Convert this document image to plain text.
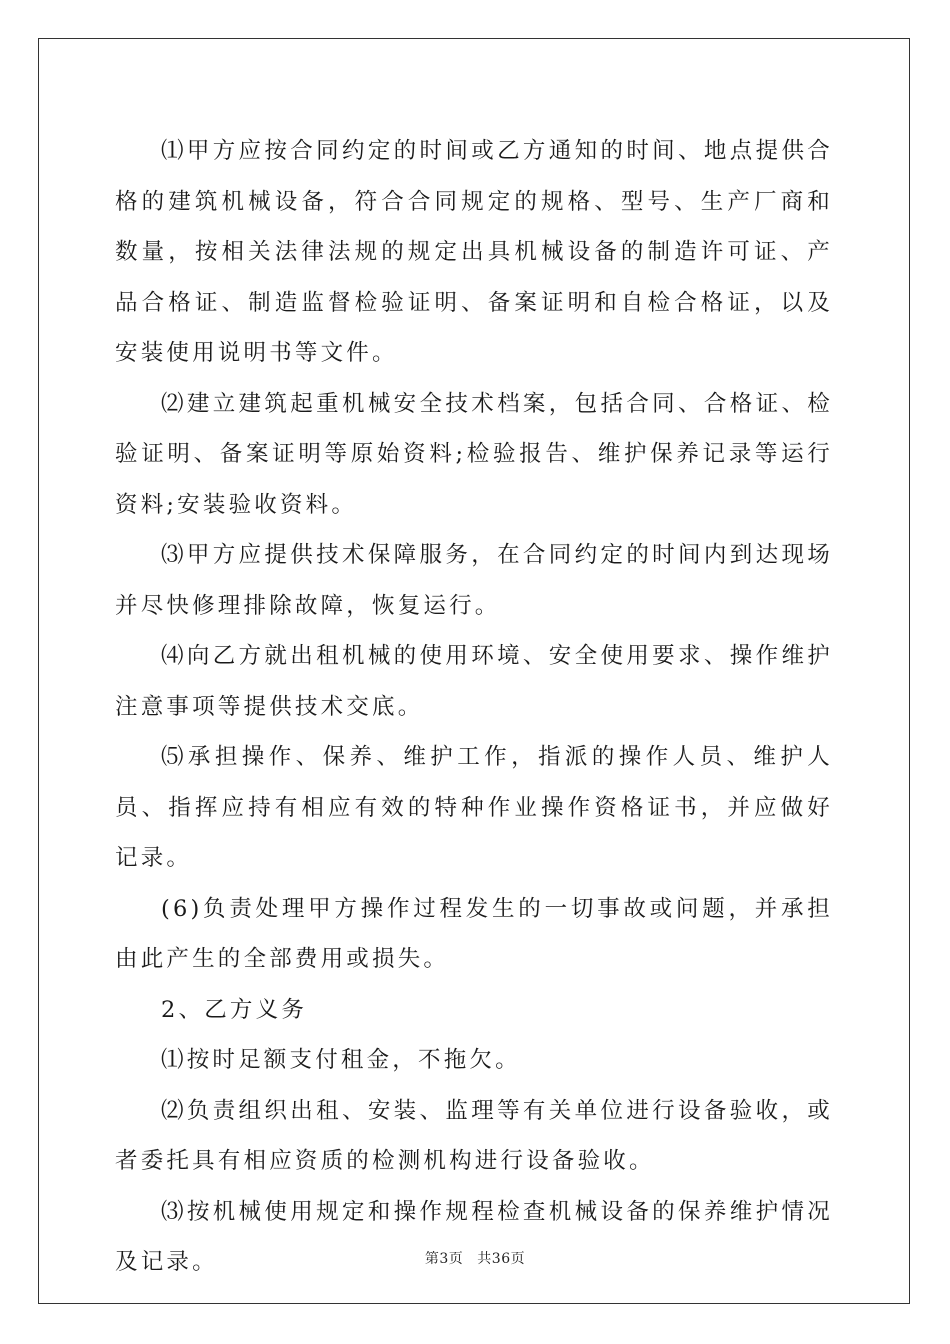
⑴甲方应按合同约定的时间或乙方通知的时间、地点提供合格的建筑机械设备，符合合同规定的规格、型号、生产厂商和数量，按相关法律法规的规定出具机械设备的制造许可证、产品合格证、制造监督检验证明、备案证明和自检合格证，以及安装使用说明书等文件。

⑵建立建筑起重机械安全技术档案，包括合同、合格证、检验证明、备案证明等原始资料;检验报告、维护保养记录等运行资料;安装验收资料。

⑶甲方应提供技术保障服务，在合同约定的时间内到达现场并尽快修理排除故障，恢复运行。

⑷向乙方就出租机械的使用环境、安全使用要求、操作维护注意事项等提供技术交底。

⑸承担操作、保养、维护工作，指派的操作人员、维护人员、指挥应持有相应有效的特种作业操作资格证书，并应做好记录。

(6)负责处理甲方操作过程发生的一切事故或问题，并承担由此产生的全部费用或损失。

2、乙方义务

⑴按时足额支付租金，不拖欠。

⑵负责组织出租、安装、监理等有关单位进行设备验收，或者委托具有相应资质的检测机构进行设备验收。

⑶按机械使用规定和操作规程检查机械设备的保养维护情况及记录。	第3页 共36页
